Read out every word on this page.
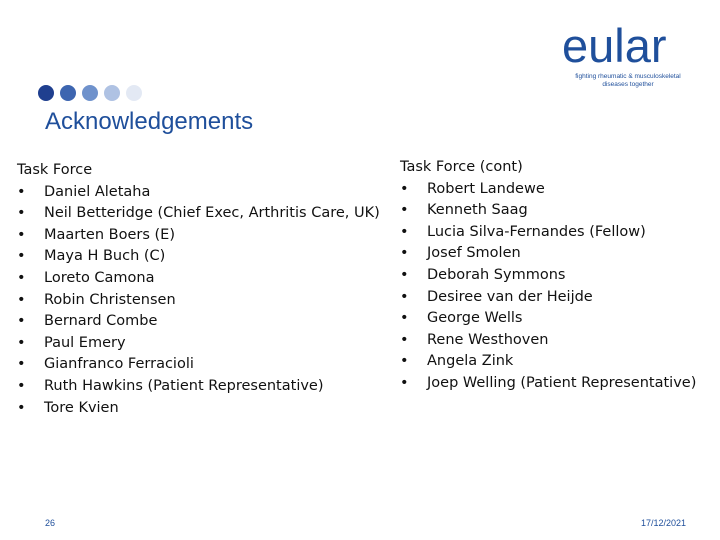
eular
fighting rheumatic & musculoskeletal
diseases together
Acknowledgements
Task Force
• Daniel Aletaha
• Neil Betteridge (Chief Exec, Arthritis Care, UK)
• Maarten Boers (E)
• Maya H Buch (C)
• Loreto Camona
• Robin Christensen
• Bernard Combe
• Paul Emery
• Gianfranco Ferracioli
• Ruth Hawkins (Patient Representative)
• Tore Kvien
Task Force (cont)
• Robert Landewe
• Kenneth Saag
• Lucia Silva-Fernandes (Fellow)
• Josef Smolen
• Deborah Symmons
• Desiree van der Heijde
• George Wells
• Rene Westhoven
• Angela Zink
• Joep Welling (Patient Representative)
26	17/12/2021
